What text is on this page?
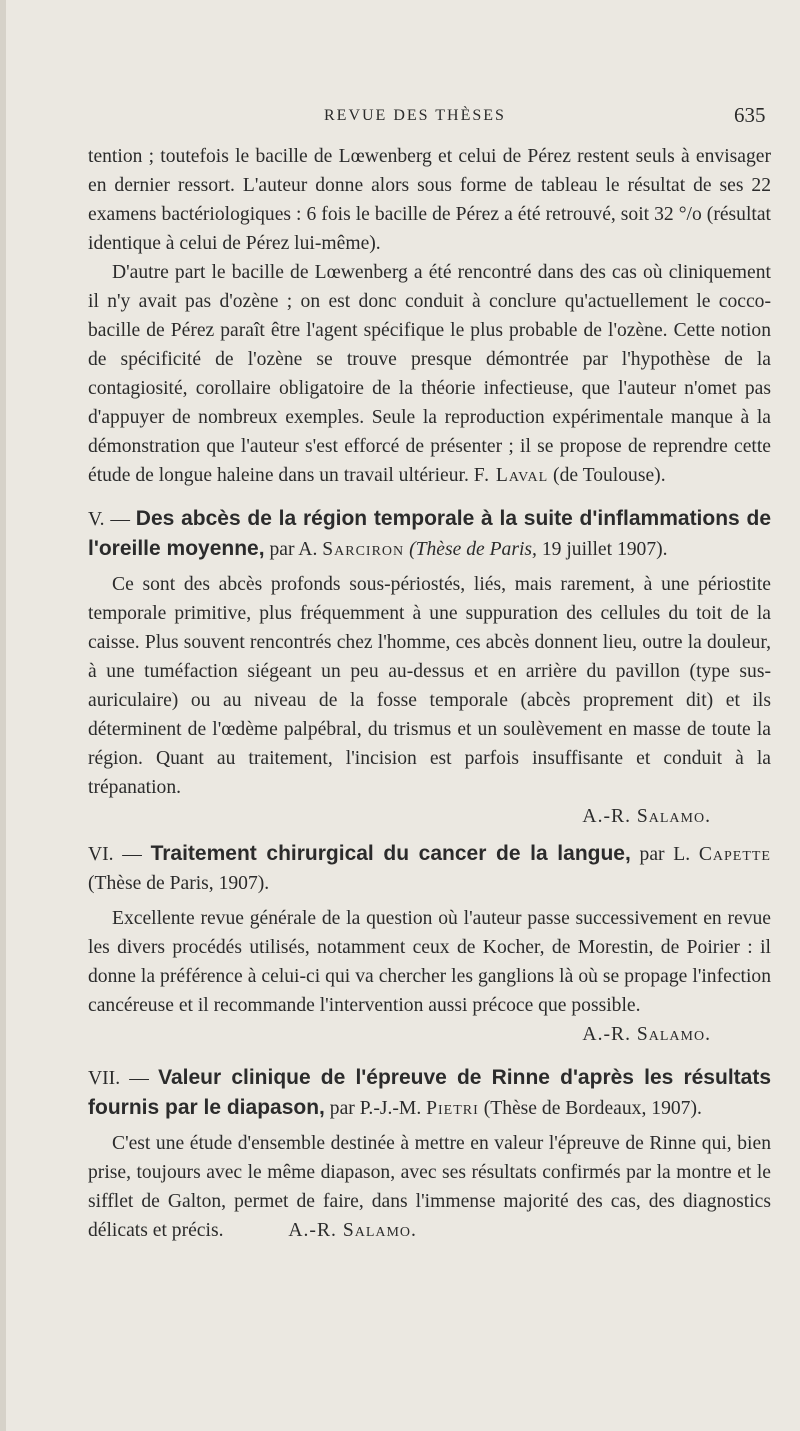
REVUE DES THÈSES	635

tention ; toutefois le bacille de Lœwenberg et celui de Pérez restent seuls à envisager en dernier ressort. L'auteur donne alors sous forme de tableau le résultat de ses 22 examens bactériologiques : 6 fois le bacille de Pérez a été retrouvé, soit 32 °/o (résultat identique à celui de Pérez lui-même).

D'autre part le bacille de Lœwenberg a été rencontré dans des cas où cliniquement il n'y avait pas d'ozène ; on est donc conduit à conclure qu'actuellement le cocco-bacille de Pérez paraît être l'agent spécifique le plus probable de l'ozène. Cette notion de spécificité de l'ozène se trouve presque démontrée par l'hypothèse de la contagiosité, corollaire obligatoire de la théorie infectieuse, que l'auteur n'omet pas d'appuyer de nombreux exemples. Seule la reproduction expérimentale manque à la démonstration que l'auteur s'est efforcé de présenter ; il se propose de reprendre cette étude de longue haleine dans un travail ultérieur. F. Laval (de Toulouse).

V. — Des abcès de la région temporale à la suite d'inflammations de l'oreille moyenne, par A. Sarciron (Thèse de Paris, 19 juillet 1907).

Ce sont des abcès profonds sous-périostés, liés, mais rarement, à une périostite temporale primitive, plus fréquemment à une suppuration des cellules du toit de la caisse. Plus souvent rencontrés chez l'homme, ces abcès donnent lieu, outre la douleur, à une tuméfaction siégeant un peu au-dessus et en arrière du pavillon (type sus-auriculaire) ou au niveau de la fosse temporale (abcès proprement dit) et ils déterminent de l'œdème palpébral, du trismus et un soulèvement en masse de toute la région. Quant au traitement, l'incision est parfois insuffisante et conduit à la trépanation.

A.-R. Salamo.

VI. — Traitement chirurgical du cancer de la langue, par L. Capette (Thèse de Paris, 1907).

Excellente revue générale de la question où l'auteur passe successivement en revue les divers procédés utilisés, notamment ceux de Kocher, de Morestin, de Poirier : il donne la préférence à celui-ci qui va chercher les ganglions là où se propage l'infection cancéreuse et il recommande l'intervention aussi précoce que possible.

A.-R. Salamo.

VII. — Valeur clinique de l'épreuve de Rinne d'après les résultats fournis par le diapason, par P.-J.-M. Pietri (Thèse de Bordeaux, 1907).

C'est une étude d'ensemble destinée à mettre en valeur l'épreuve de Rinne qui, bien prise, toujours avec le même diapason, avec ses résultats confirmés par la montre et le sifflet de Galton, permet de faire, dans l'immense majorité des cas, des diagnostics délicats et précis.	A.-R. Salamo.
